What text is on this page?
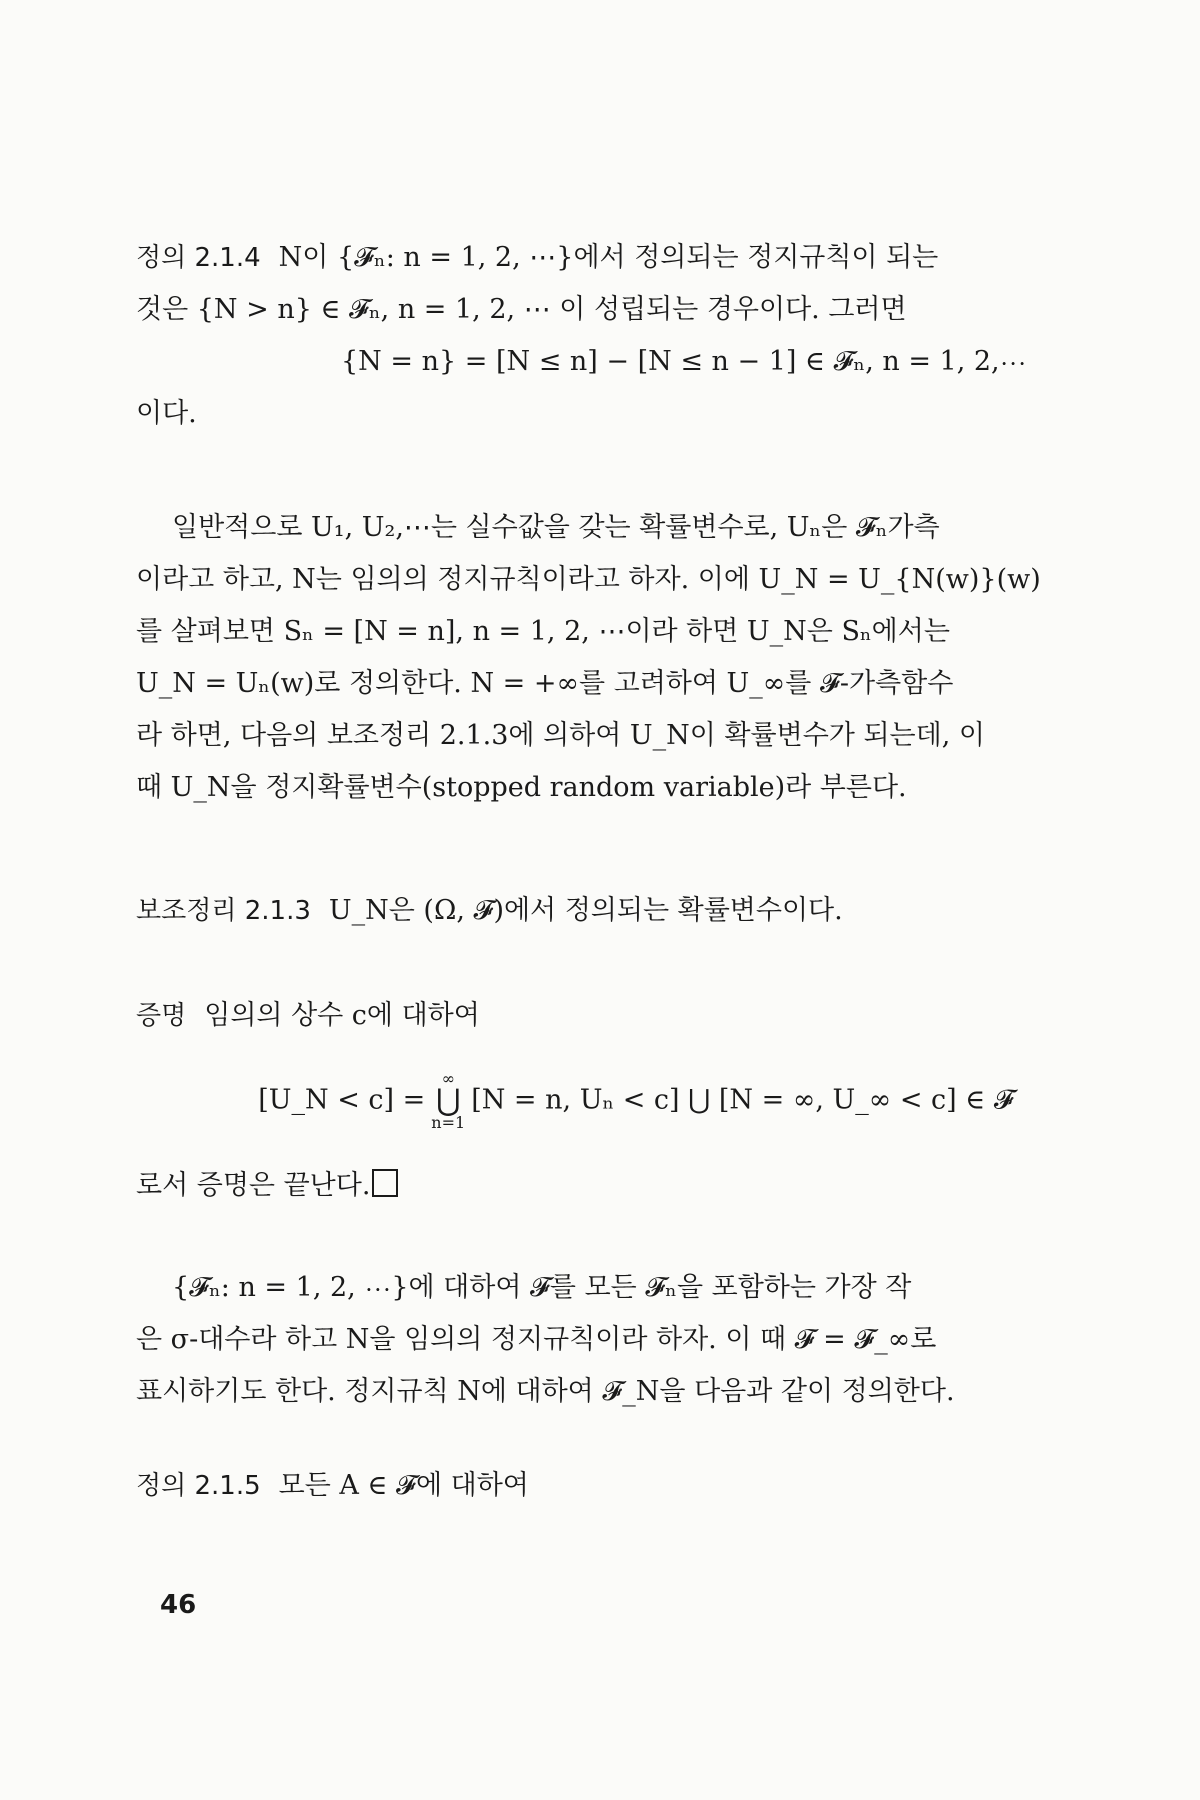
정의 2.1.4 N이 {𝓕ₙ: n = 1, 2, ⋯}에서 정의되는 정지규칙이 되는
것은 {N > n} ∈ 𝓕ₙ, n = 1, 2, ⋯ 이 성립되는 경우이다. 그러면
{N = n} = [N ≤ n] − [N ≤ n − 1] ∈ 𝓕ₙ, n = 1, 2,⋯
이다.
일반적으로 U₁, U₂,⋯는 실수값을 갖는 확률변수로, Uₙ은 𝓕ₙ가측
이라고 하고, N는 임의의 정지규칙이라고 하자. 이에 U_N = U_{N(w)}(w)
를 살펴보면 Sₙ = [N = n], n = 1, 2, ⋯이라 하면 U_N은 Sₙ에서는
U_N = Uₙ(w)로 정의한다. N = +∞를 고려하여 U_∞를 𝓕-가측함수
라 하면, 다음의 보조정리 2.1.3에 의하여 U_N이 확률변수가 되는데, 이
때 U_N을 정지확률변수(stopped random variable)라 부른다.
보조정리 2.1.3 U_N은 (Ω, 𝓕)에서 정의되는 확률변수이다.
증명 임의의 상수 c에 대하여
[U_N < c] =∞
⋃
n=1[N = n, Uₙ < c] ⋃ [N = ∞, U_∞ < c] ∈ 𝓕
로서 증명은 끝난다.
{𝓕ₙ: n = 1, 2, ⋯}에 대하여 𝓕를 모든 𝓕ₙ을 포함하는 가장 작
은 σ-대수라 하고 N을 임의의 정지규칙이라 하자. 이 때 𝓕 = 𝓕_∞로
표시하기도 한다. 정지규칙 N에 대하여 𝓕_N을 다음과 같이 정의한다.
정의 2.1.5 모든 A ∈ 𝓕에 대하여
46
